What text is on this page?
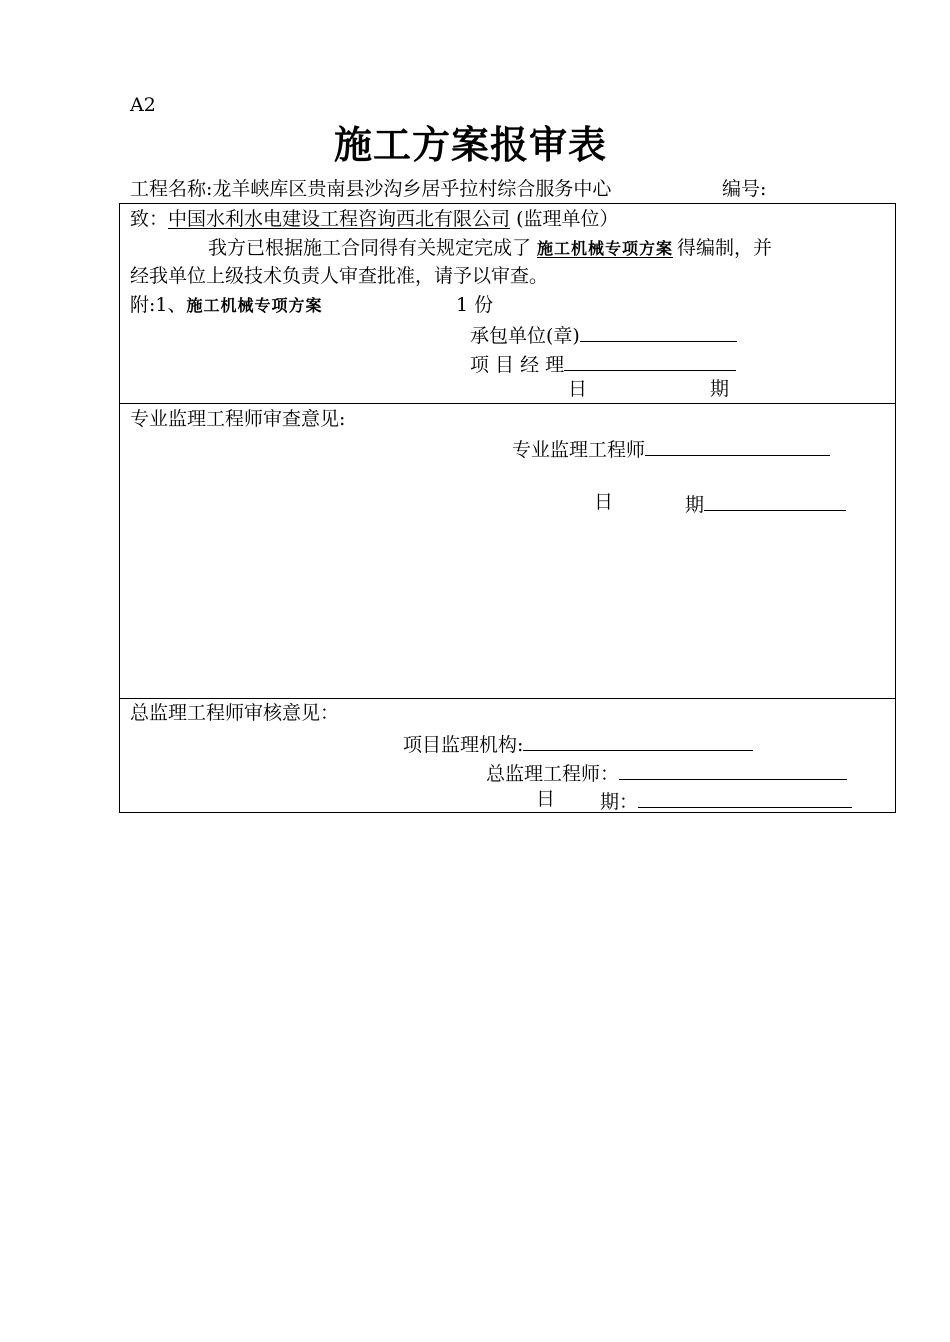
A2
施工方案报审表
工程名称:龙羊峡库区贵南县沙沟乡居乎拉村综合服务中心	编号:
致：中国水利水电建设工程咨询西北有限公司 (监理单位）
我方已根据施工合同得有关规定完成了 施工机械专项方案 得编制，并
经我单位上级技术负责人审查批准，请予以审查。
附:1、施工机械专项方案	1 份
承包单位(章)
项 目 经 理
日	期
专业监理工程师审查意见:
专业监理工程师
日	期
总监理工程师审核意见：
项目监理机构:
总监理工程师：
日 期：
